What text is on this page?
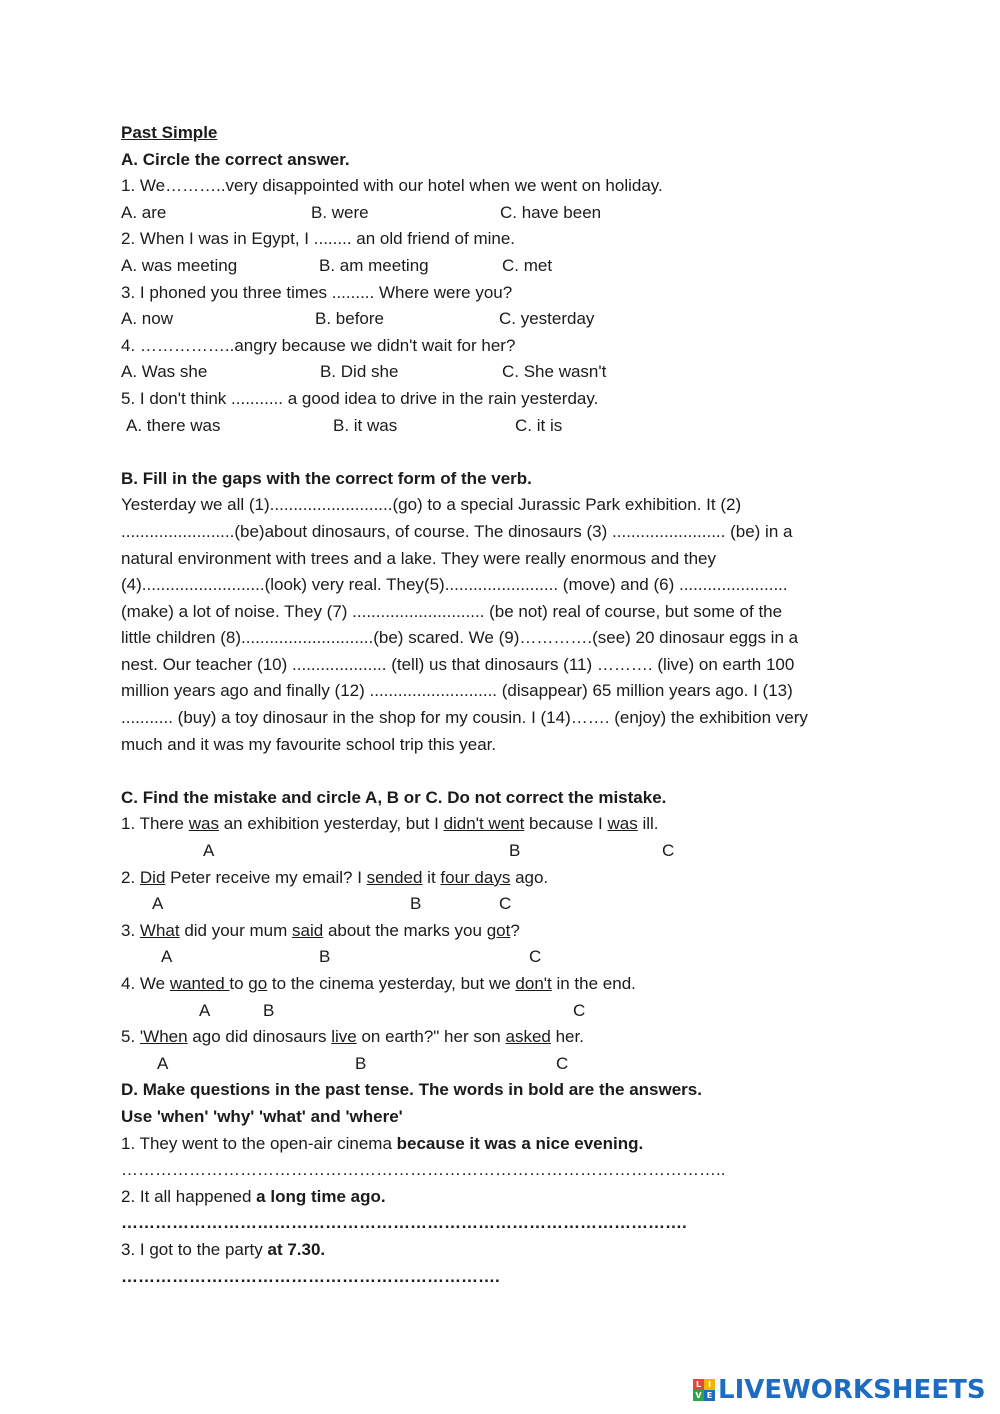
Past Simple
A. Circle the correct answer.
1. We………..very disappointed with our hotel when we went on holiday.
A. are	B. were	C. have been
2. When I was in Egypt, I ........ an old friend of mine.
A. was meeting	B. am meeting	C. met
3. I phoned you three times ......... Where were you?
A. now	B. before	C. yesterday
4. ……………..angry because we didn't wait for her?
A. Was she	B. Did she	C. She wasn't
5. I don't think ........... a good idea to drive in the rain yesterday.
A. there was	B. it was	C. it is
B. Fill in the gaps with the correct form of the verb.
Yesterday we all (1)..........................(go) to a special Jurassic Park exhibition. It (2)
........................(be)about dinosaurs, of course. The dinosaurs (3) ........................ (be) in a
natural environment with trees and a lake. They were really enormous and they
(4)..........................(look) very real. They(5)........................ (move) and (6) .......................
(make) a lot of noise. They (7) ............................ (be not) real of course, but some of the
little children (8)............................(be) scared. We (9)………….(see) 20 dinosaur eggs in a
nest. Our teacher (10) .................... (tell) us that dinosaurs (11) ………. (live) on earth 100
million years ago and finally (12) ........................... (disappear) 65 million years ago. I (13)
........... (buy) a toy dinosaur in the shop for my cousin. I (14)……. (enjoy) the exhibition very
much and it was my favourite school trip this year.
C. Find the mistake and circle A, B or C. Do not correct the mistake.
1. There was an exhibition yesterday, but I didn't went because I was ill.
A	B	C
2. Did Peter receive my email? I sended it four days ago.
A	B	C
3. What did your mum said about the marks you got?
A	B	C
4. We wanted to go to the cinema yesterday, but we don't in the end.
A	B	C
5. 'When ago did dinosaurs live on earth?" her son asked her.
A	B	C
D. Make questions in the past tense. The words in bold are the answers.
Use 'when' 'why' 'what' and 'where'
1. They went to the open-air cinema because it was a nice evening.
……………………………………………………………………………………………..
2. It all happened a long time ago.
……………………………………………………………………………………….
3. I got to the party at 7.30.
………………………………………………………….
L I
V E LIVEWORKSHEETS
